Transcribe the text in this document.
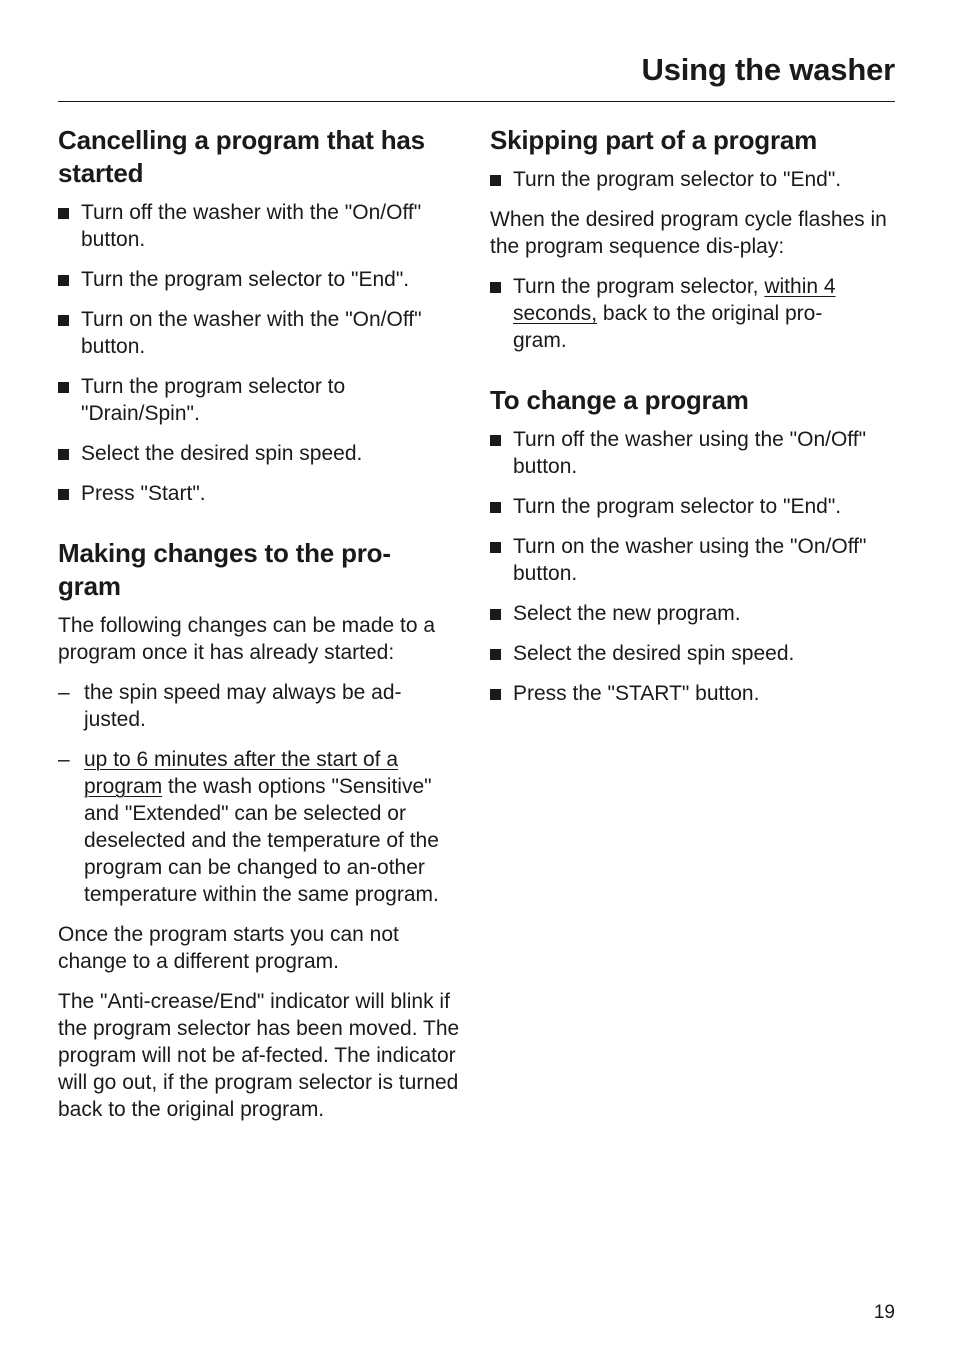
Using the washer
Cancelling a program that has started
Turn off the washer with the "On/Off" button.
Turn the program selector to "End".
Turn on the washer with the "On/Off" button.
Turn the program selector to "Drain/Spin".
Select the desired spin speed.
Press "Start".
Making changes to the pro-gram

The following changes can be made to a program once it has already started:

– the spin speed may always be ad-justed.
– up to 6 minutes after the start of a program the wash options "Sensitive" and "Extended" can be selected or deselected and the temperature of the program can be changed to an-other temperature within the same program.

Once the program starts you can not change to a different program.

The "Anti-crease/End" indicator will blink if the program selector has been moved. The program will not be af-fected. The indicator will go out, if the program selector is turned back to the original program.

Skipping part of a program
Turn the program selector to "End".

When the desired program cycle flashes in the program sequence dis-play:

Turn the program selector, within 4 seconds, back to the original pro-gram.
To change a program
Turn off the washer using the "On/Off" button.
Turn the program selector to "End".
Turn on the washer using the "On/Off" button.
Select the new program.
Select the desired spin speed.
Press the "START" button.
19
